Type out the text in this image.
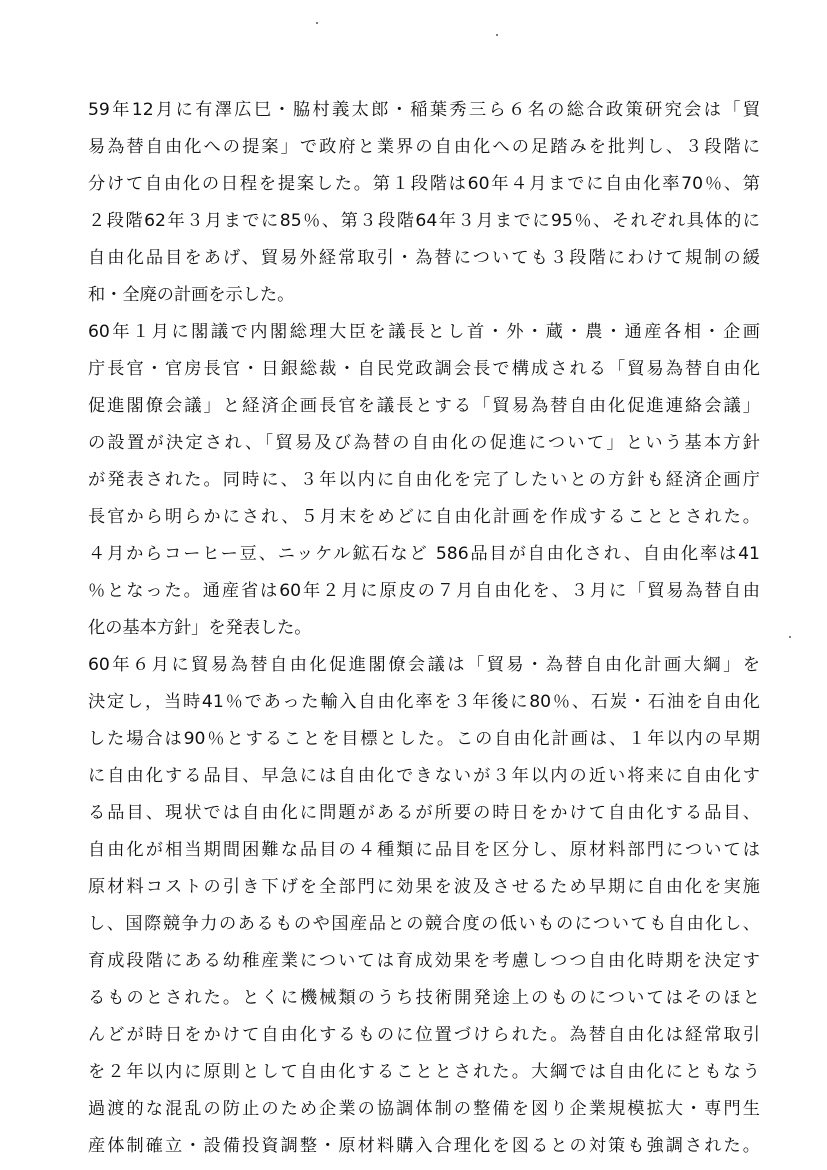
59年12月に有澤広巳・脇村義太郎・稲葉秀三ら６名の総合政策研究会は「貿
易為替自由化への提案」で政府と業界の自由化への足踏みを批判し、３段階に
分けて自由化の日程を提案した。第１段階は60年４月までに自由化率70％、第
２段階62年３月までに85％、第３段階64年３月までに95％、それぞれ具体的に
自由化品目をあげ、貿易外経常取引・為替についても３段階にわけて規制の緩
和・全廃の計画を示した。
60年１月に閣議で内閣総理大臣を議長とし首・外・蔵・農・通産各相・企画
庁長官・官房長官・日銀総裁・自民党政調会長で構成される「貿易為替自由化
促進閣僚会議」と経済企画長官を議長とする「貿易為替自由化促進連絡会議」
の設置が決定され、「貿易及び為替の自由化の促進について」という基本方針
が発表された。同時に、３年以内に自由化を完了したいとの方針も経済企画庁
長官から明らかにされ、５月末をめどに自由化計画を作成することとされた。
４月からコーヒー豆、ニッケル鉱石など 586品目が自由化され、自由化率は41
％となった。通産省は60年２月に原皮の７月自由化を、３月に「貿易為替自由
化の基本方針」を発表した。
60年６月に貿易為替自由化促進閣僚会議は「貿易・為替自由化計画大綱」を
決定し，当時41％であった輸入自由化率を３年後に80％、石炭・石油を自由化
した場合は90％とすることを目標とした。この自由化計画は、１年以内の早期
に自由化する品目、早急には自由化できないが３年以内の近い将来に自由化す
る品目、現状では自由化に問題があるが所要の時日をかけて自由化する品目、
自由化が相当期間困難な品目の４種類に品目を区分し、原材料部門については
原材料コストの引き下げを全部門に効果を波及させるため早期に自由化を実施
し、国際競争力のあるものや国産品との競合度の低いものについても自由化し、
育成段階にある幼稚産業については育成効果を考慮しつつ自由化時期を決定す
るものとされた。とくに機械類のうち技術開発途上のものについてはそのほと
んどが時日をかけて自由化するものに位置づけられた。為替自由化は経常取引
を２年以内に原則として自由化することとされた。大綱では自由化にともなう
過渡的な混乱の防止のため企業の協調体制の整備を図り企業規模拡大・専門生
産体制確立・設備投資調整・原材料購入合理化を図るとの対策も強調された。
